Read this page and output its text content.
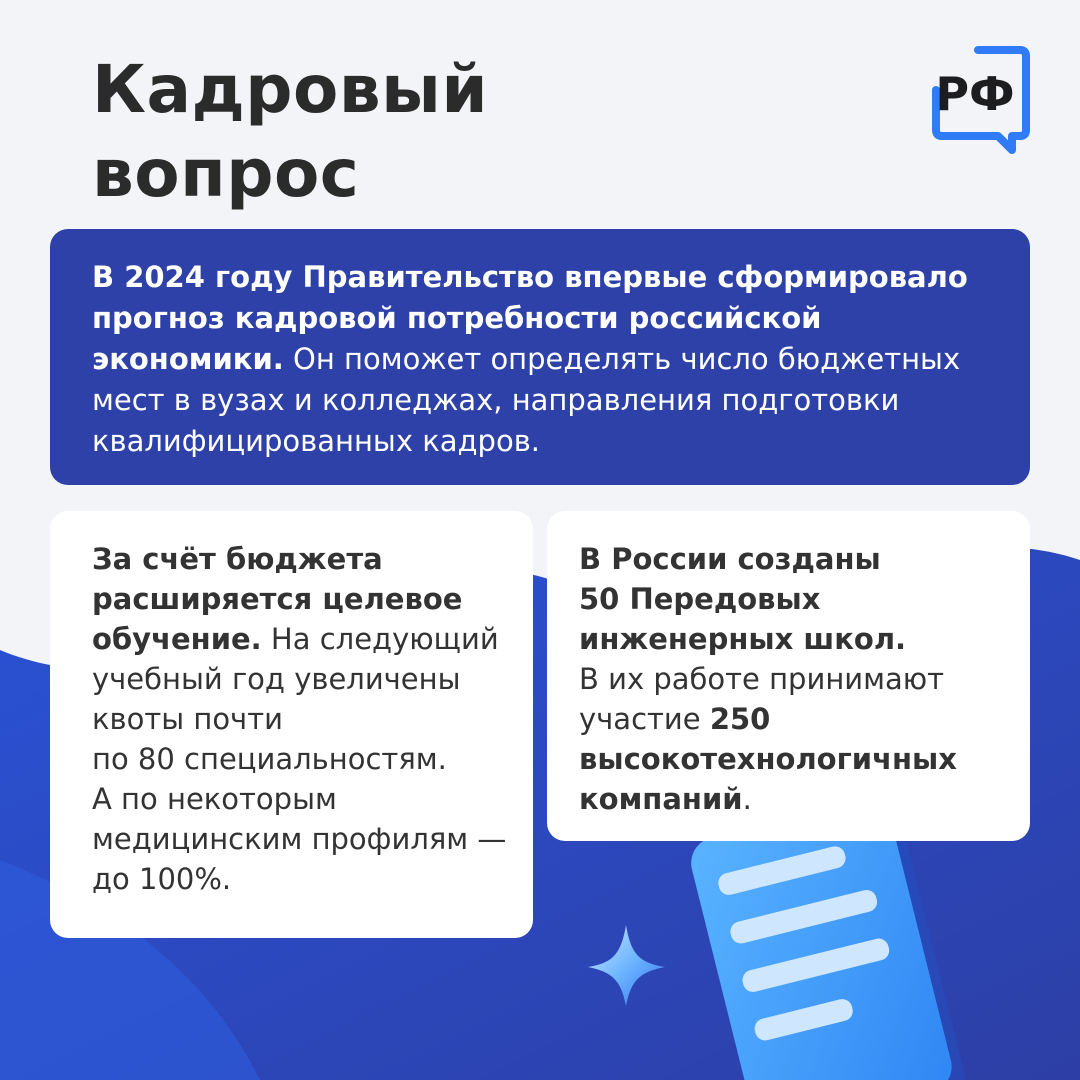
Кадровый
вопрос
РФ

В 2024 году Правительство впервые сформировало прогноз кадровой потребности российской экономики. Он поможет определять число бюджетных мест в вузах и колледжах, направления подготовки квалифицированных кадров.

За счёт бюджета расширяется целевое обучение. На следующий учебный год увеличены квоты почти

по 80 специальностям.

А по некоторым медицинским профилям — до 100%.

В России созданы

50 Передовых инженерных школ.

В их работе принимают участие 250 высокотехнологичных компаний.
